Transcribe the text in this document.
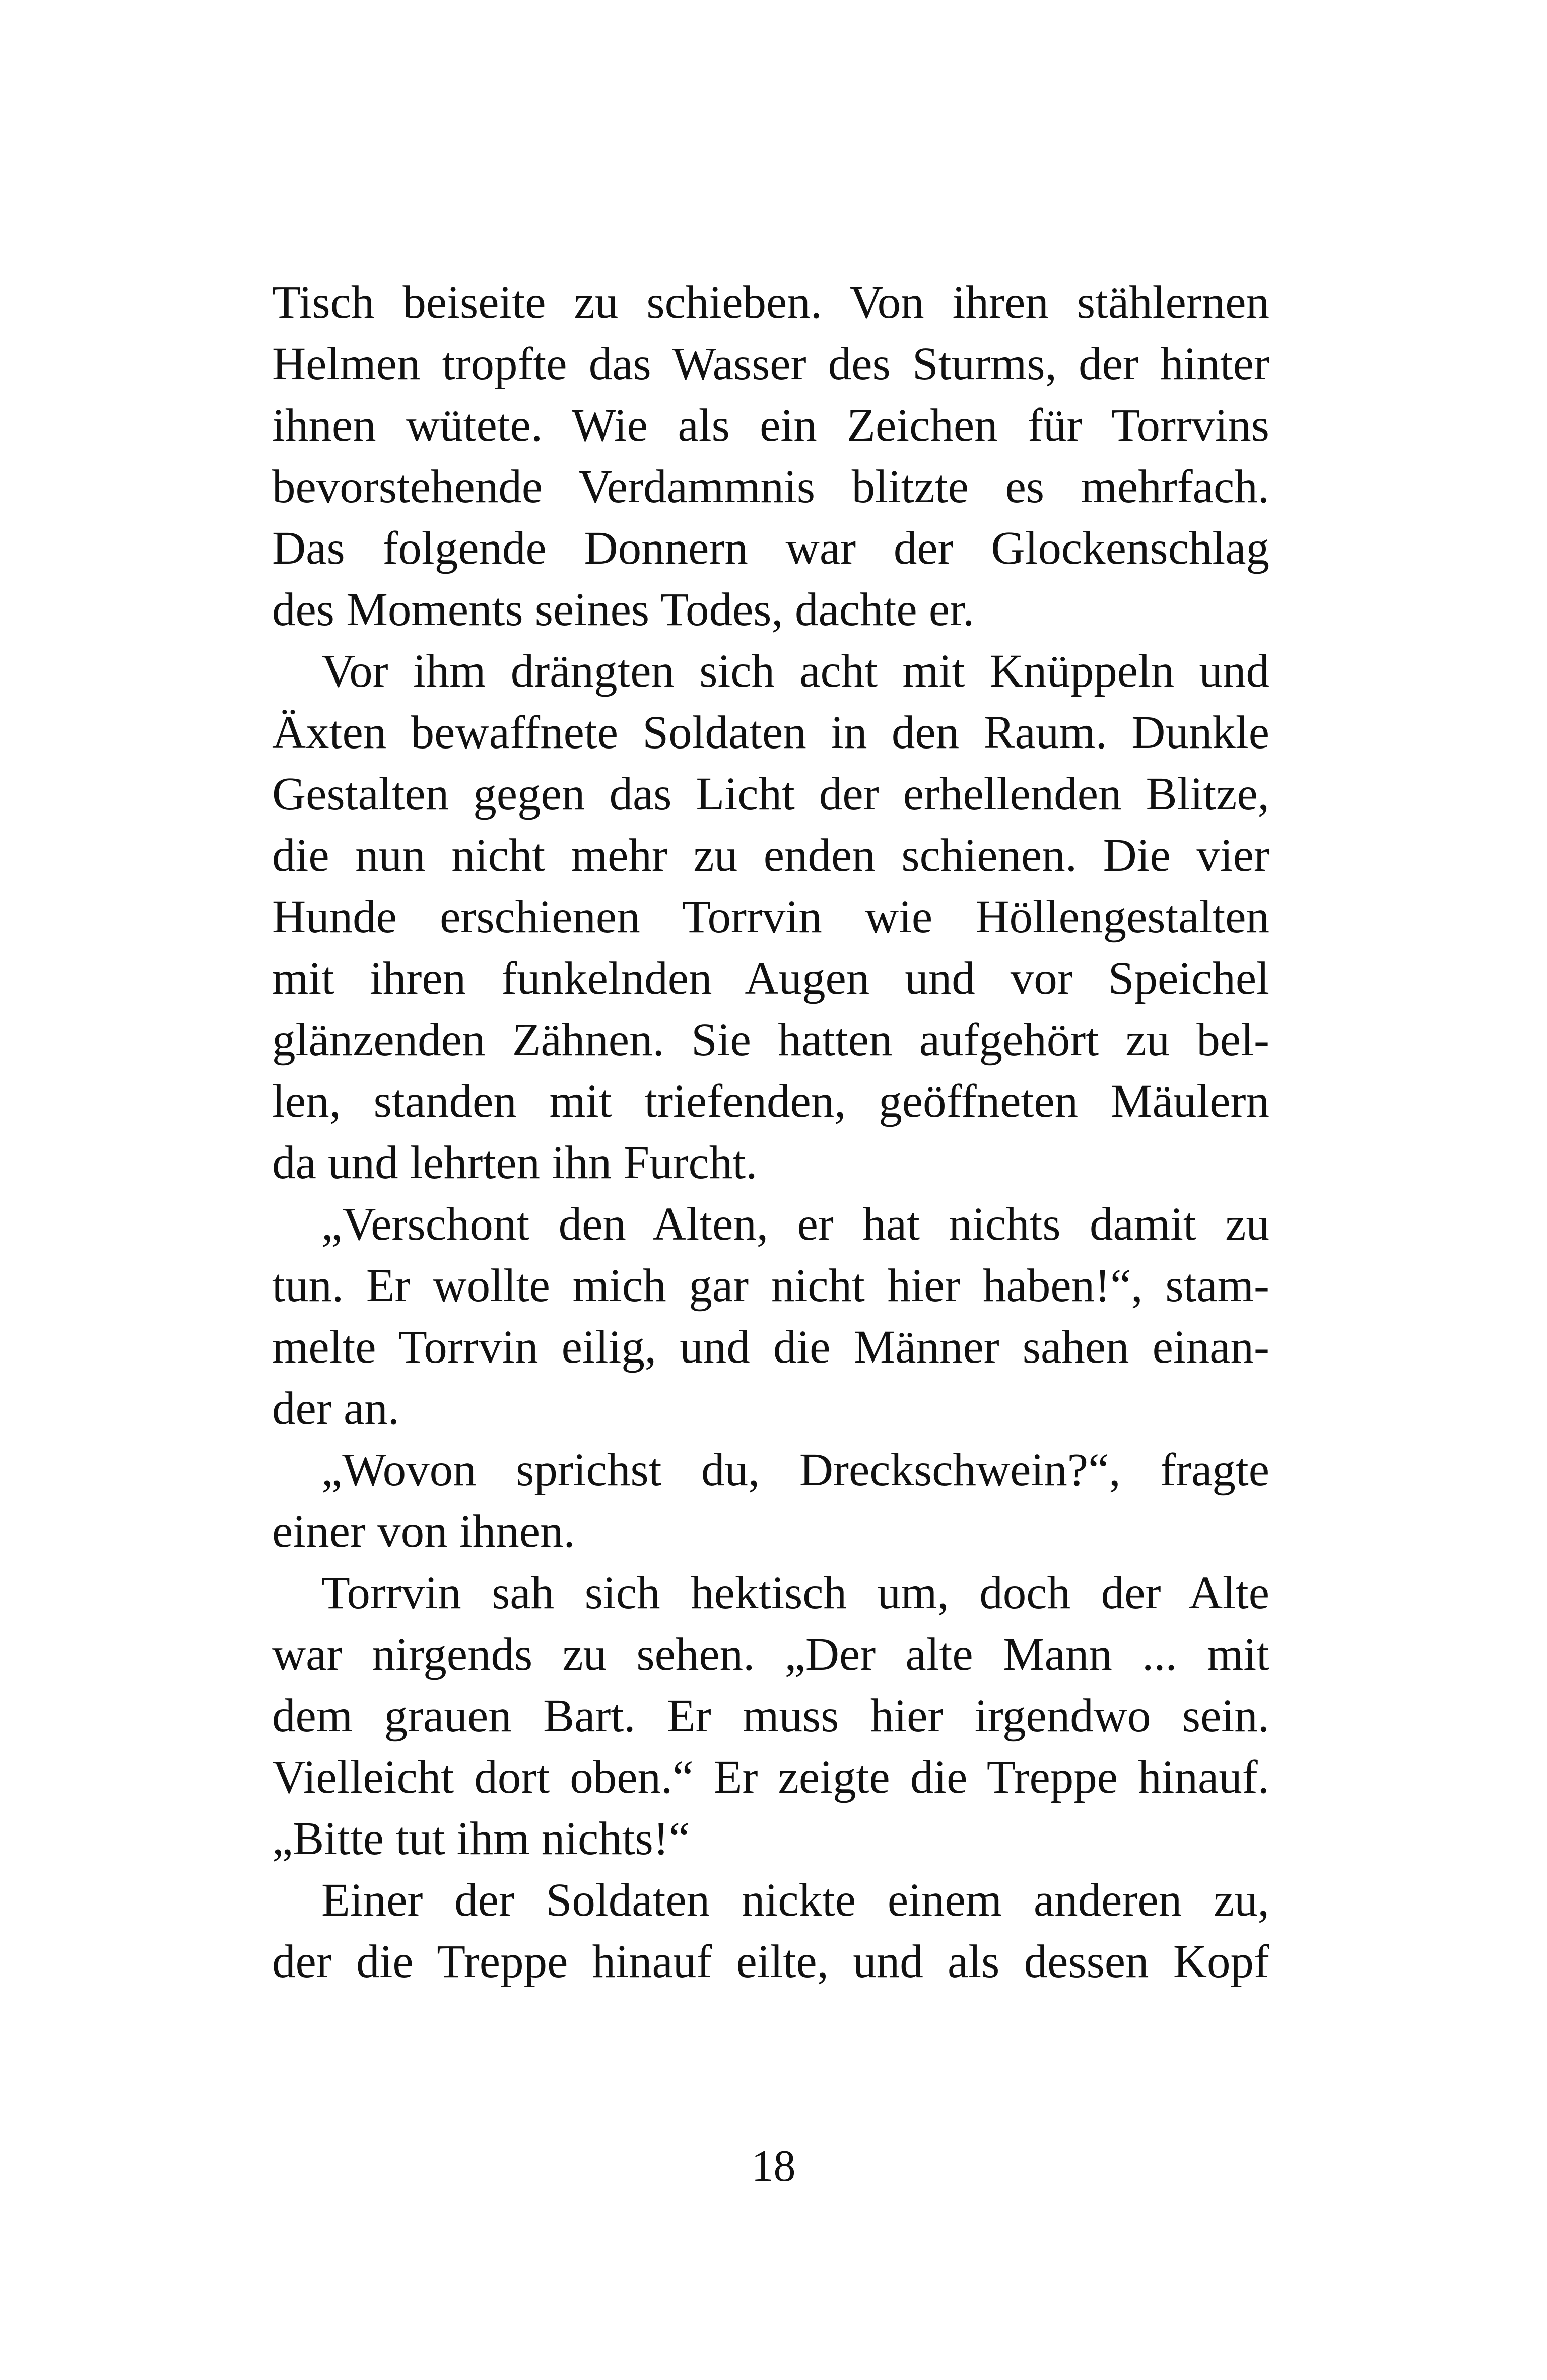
Tisch beiseite zu schieben. Von ihren stählernen
Helmen tropfte das Wasser des Sturms, der hinter
ihnen wütete. Wie als ein Zeichen für Torrvins
bevorstehende Verdammnis blitzte es mehrfach.
Das folgende Donnern war der Glockenschlag
des Moments seines Todes, dachte er.
Vor ihm drängten sich acht mit Knüppeln und
Äxten bewaffnete Soldaten in den Raum. Dunkle
Gestalten gegen das Licht der erhellenden Blitze,
die nun nicht mehr zu enden schienen. Die vier
Hunde erschienen Torrvin wie Höllengestalten
mit ihren funkelnden Augen und vor Speichel
glänzenden Zähnen. Sie hatten aufgehört zu bel-
len, standen mit triefenden, geöffneten Mäulern
da und lehrten ihn Furcht.
„Verschont den Alten, er hat nichts damit zu
tun. Er wollte mich gar nicht hier haben!“, stam-
melte Torrvin eilig, und die Männer sahen einan-
der an.
„Wovon sprichst du, Dreckschwein?“, fragte
einer von ihnen.
Torrvin sah sich hektisch um, doch der Alte
war nirgends zu sehen. „Der alte Mann ... mit
dem grauen Bart. Er muss hier irgendwo sein.
Vielleicht dort oben.“ Er zeigte die Treppe hinauf.
„Bitte tut ihm nichts!“
Einer der Soldaten nickte einem anderen zu,
der die Treppe hinauf eilte, und als dessen Kopf
18
